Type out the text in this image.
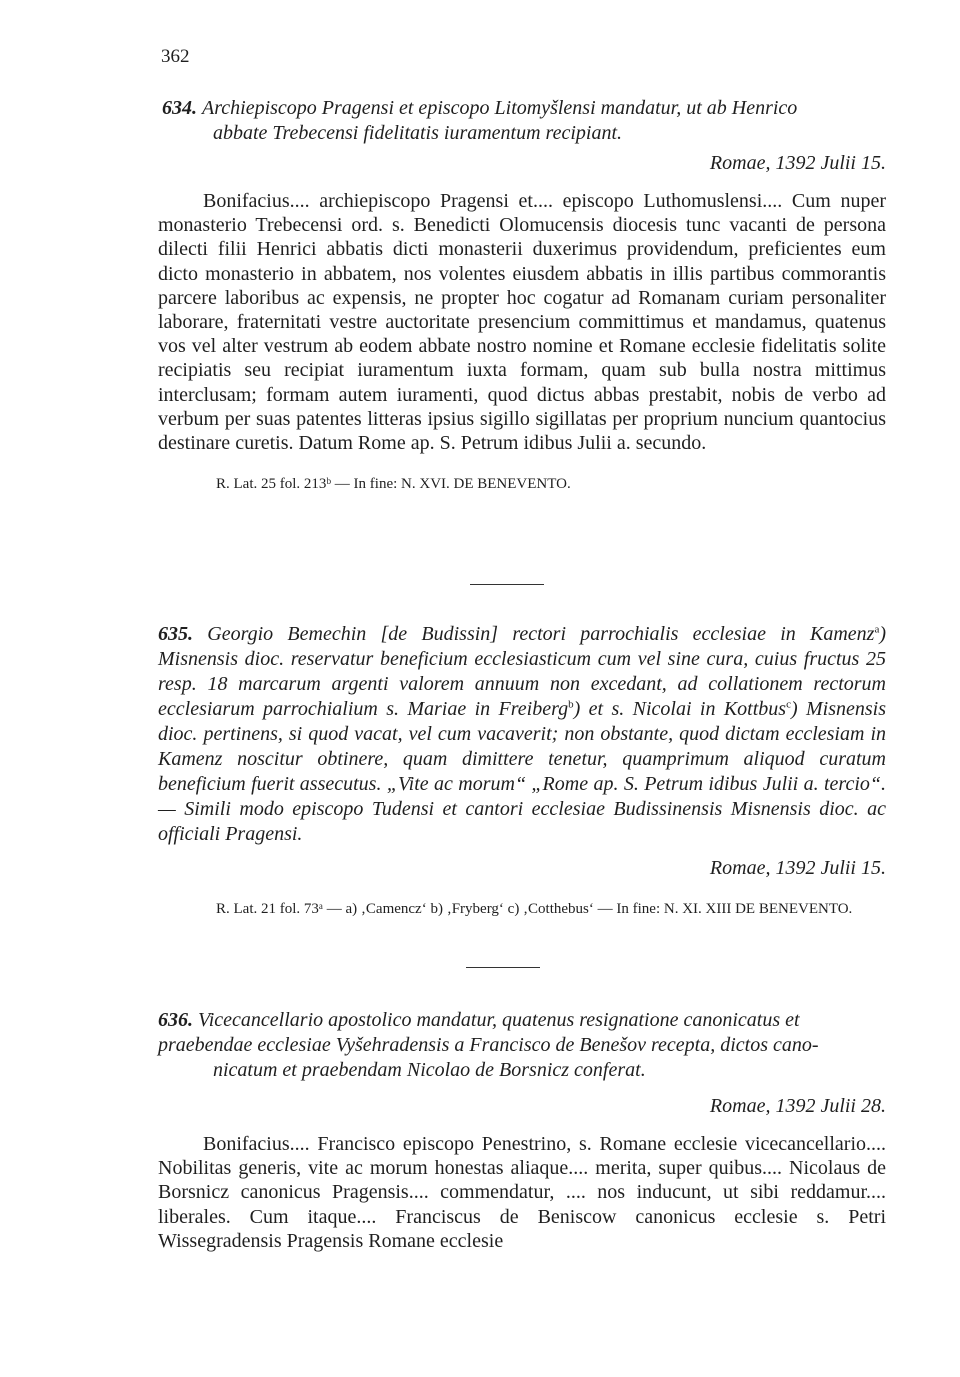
362

634. Archiepiscopo Pragensi et episcopo Litomyšlensi mandatur, ut ab Henrico

abbate Trebecensi fidelitatis iuramentum recipiant.

Romae, 1392 Julii 15.

Bonifacius.... archiepiscopo Pragensi et.... episcopo Luthomuslensi.... Cum nuper monasterio Trebecensi ord. s. Benedicti Olomucensis diocesis tunc vacanti de persona dilecti filii Henrici abbatis dicti monasterii duxerimus providendum, preficientes eum dicto monasterio in abbatem, nos volentes eiusdem abbatis in illis partibus commorantis parcere laboribus ac expensis, ne propter hoc cogatur ad Romanam curiam personaliter laborare, fraternitati vestre auctoritate presencium committimus et mandamus, quatenus vos vel alter vestrum ab eodem abbate nostro nomine et Romane ecclesie fidelitatis solite recipiatis seu recipiat iuramentum iuxta formam, quam sub bulla nostra mittimus interclusam; formam autem iuramenti, quod dictus abbas prestabit, nobis de verbo ad verbum per suas patentes litteras ipsius sigillo sigillatas per proprium nuncium quantocius destinare curetis. Datum Rome ap. S. Petrum idibus Julii a. secundo.

R. Lat. 25 fol. 213ᵇ — In fine: N. XVI. DE BENEVENTO.

635. Georgio Bemechin [de Budissin] rectori parrochialis ecclesiae in Kamenz$^a$) Misnensis dioc. reservatur beneficium ecclesiasticum cum vel sine cura, cuius fructus 25 resp. 18 marcarum argenti valorem annuum non excedant, ad collationem rectorum ecclesiarum parrochialium s. Mariae in Freiberg$^b$) et s. Nicolai in Kottbus$^c$) Misnensis dioc. pertinens, si quod vacat, vel cum vacaverit; non obstante, quod dictam ecclesiam in Kamenz noscitur obtinere, quam dimittere tenetur, quamprimum aliquod curatum beneficium fuerit assecutus. „Vite ac morum“ „Rome ap. S. Petrum idibus Julii a. tercio“. — Simili modo episcopo Tudensi et cantori ecclesiae Budissinensis Misnensis dioc. ac officiali Pragensi.

Romae, 1392 Julii 15.

R. Lat. 21 fol. 73ᵃ — a) ‚Camencz‘ b) ‚Fryberg‘ c) ‚Cotthebus‘ — In fine: N. XI. XIII DE BENEVENTO.

636. Vicecancellario apostolico mandatur, quatenus resignatione canonicatus et

praebendae ecclesiae Vyšehradensis a Francisco de Benešov recepta, dictos cano-

nicatum et praebendam Nicolao de Borsnicz conferat.

Romae, 1392 Julii 28.

Bonifacius.... Francisco episcopo Penestrino, s. Romane ecclesie vicecancellario.... Nobilitas generis, vite ac morum honestas aliaque.... merita, super quibus.... Nicolaus de Borsnicz canonicus Pragensis.... commendatur, .... nos inducunt, ut sibi reddamur.... liberales. Cum itaque.... Franciscus de Beniscow canonicus ecclesie s. Petri Wissegradensis Pragensis Romane ecclesie
